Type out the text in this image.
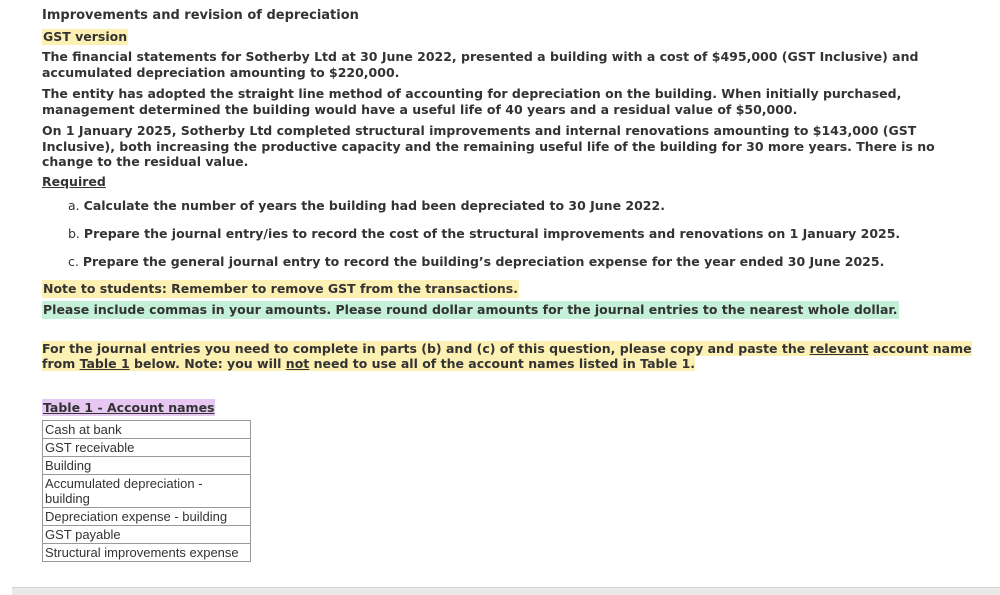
Improvements and revision of depreciation

GST version

The financial statements for Sotherby Ltd at 30 June 2022, presented a building with a cost of $495,000 (GST Inclusive) and accumulated depreciation amounting to $220,000.

The entity has adopted the straight line method of accounting for depreciation on the building. When initially purchased, management determined the building would have a useful life of 40 years and a residual value of $50,000.

On 1 January 2025, Sotherby Ltd completed structural improvements and internal renovations amounting to $143,000 (GST Inclusive), both increasing the productive capacity and the remaining useful life of the building for 30 more years. There is no change to the residual value.

Required
a. Calculate the number of years the building had been depreciated to 30 June 2022.
b. Prepare the journal entry/ies to record the cost of the structural improvements and renovations on 1 January 2025.
c. Prepare the general journal entry to record the building’s depreciation expense for the year ended 30 June 2025.
Note to students: Remember to remove GST from the transactions.
Please include commas in your amounts. Please round dollar amounts for the journal entries to the nearest whole dollar.
For the journal entries you need to complete in parts (b) and (c) of this question, please copy and paste the relevant account name from Table 1 below. Note: you will not need to use all of the account names listed in Table 1.
Table 1 - Account names
Cash at bank
GST receivable
Building
Accumulated depreciation - building
Depreciation expense - building
GST payable
Structural improvements expense
